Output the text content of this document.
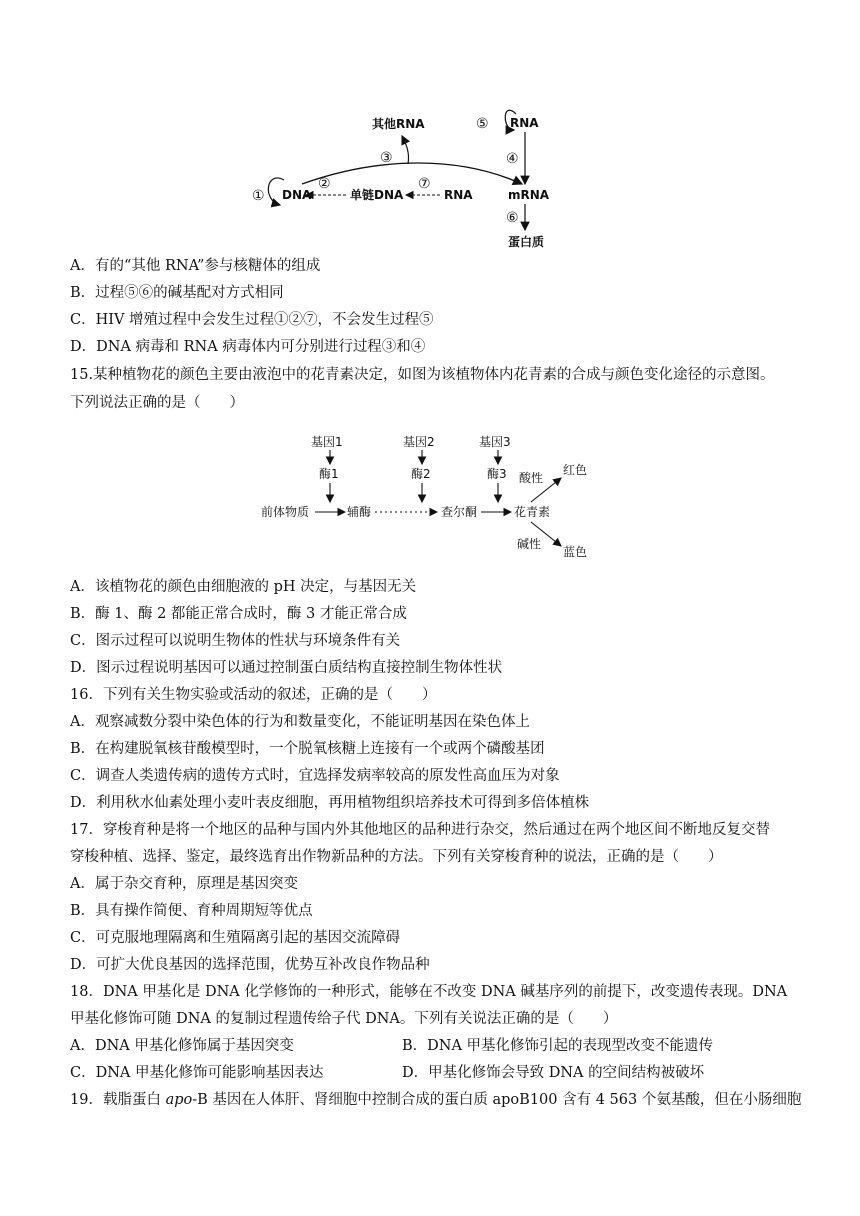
① DNA
③
其他RNA
②
单链DNA
⑦
RNA	mRNA
⑤ RNA
④
⑥
蛋白质
A．有的“其他 RNA”参与核糖体的组成
B．过程⑤⑥的碱基配对方式相同
C．HIV 增殖过程中会发生过程①②⑦，不会发生过程⑤
D．DNA 病毒和 RNA 病毒体内可分别进行过程③和④
15.某种植物花的颜色主要由液泡中的花青素决定，如图为该植物体内花青素的合成与颜色变化途径的示意图。
下列说法正确的是（　　）
基因1
酶1
基因2
酶2
基因3
酶3
前体物质	辅酶	查尔酮	花青素
酸性
红色
碱性
蓝色
A．该植物花的颜色由细胞液的 pH 决定，与基因无关
B．酶 1、酶 2 都能正常合成时，酶 3 才能正常合成
C．图示过程可以说明生物体的性状与环境条件有关
D．图示过程说明基因可以通过控制蛋白质结构直接控制生物体性状
16．下列有关生物实验或活动的叙述，正确的是（　　）
A．观察减数分裂中染色体的行为和数量变化，不能证明基因在染色体上
B．在构建脱氧核苷酸模型时，一个脱氧核糖上连接有一个或两个磷酸基团
C．调查人类遗传病的遗传方式时，宜选择发病率较高的原发性高血压为对象
D．利用秋水仙素处理小麦叶表皮细胞，再用植物组织培养技术可得到多倍体植株
17．穿梭育种是将一个地区的品种与国内外其他地区的品种进行杂交，然后通过在两个地区间不断地反复交替
穿梭种植、选择、鉴定，最终选育出作物新品种的方法。下列有关穿梭育种的说法，正确的是（　　）
A．属于杂交育种，原理是基因突变
B．具有操作简便、育种周期短等优点
C．可克服地理隔离和生殖隔离引起的基因交流障碍
D．可扩大优良基因的选择范围，优势互补改良作物品种
18．DNA 甲基化是 DNA 化学修饰的一种形式，能够在不改变 DNA 碱基序列的前提下，改变遗传表现。DNA
甲基化修饰可随 DNA 的复制过程遗传给子代 DNA。下列有关说法正确的是（　　）
A．DNA 甲基化修饰属于基因突变	B．DNA 甲基化修饰引起的表现型改变不能遗传
C．DNA 甲基化修饰可能影响基因表达	D．甲基化修饰会导致 DNA 的空间结构被破坏
19．载脂蛋白 apo-B 基因在人体肝、肾细胞中控制合成的蛋白质 apoB100 含有 4 563 个氨基酸，但在小肠细胞
